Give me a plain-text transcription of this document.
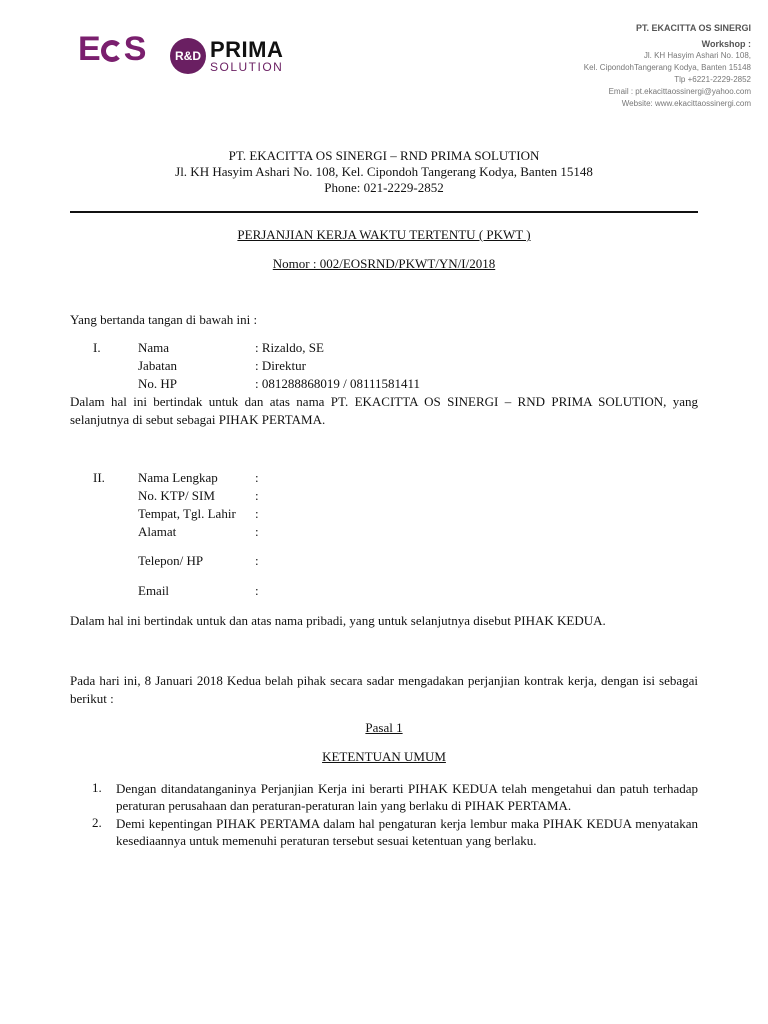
E S	R&D PRIMA
SOLUTION
PT. EKACITTA OS SINERGI
Workshop :
Jl. KH Hasyim Ashari No. 108,
Kel. CipondohTangerang Kodya, Banten 15148
Tlp +6221-2229-2852
Email : pt.ekacittaossinergi@yahoo.com
Website: www.ekacittaossinergi.com
PT. EKACITTA OS SINERGI – RND PRIMA SOLUTION
Jl. KH Hasyim Ashari No. 108, Kel. Cipondoh Tangerang Kodya, Banten 15148
Phone: 021-2229-2852
PERJANJIAN KERJA WAKTU TERTENTU ( PKWT )
Nomor : 002/EOSRND/PKWT/YN/I/2018
Yang bertanda tangan di bawah ini :
I.	Nama	: Rizaldo, SE
Jabatan	: Direktur
No. HP	: 081288868019 / 08111581411
Dalam hal ini bertindak untuk dan atas nama PT. EKACITTA OS SINERGI – RND PRIMA SOLUTION, yang selanjutnya di sebut sebagai PIHAK PERTAMA.
II.	Nama Lengkap	:
No. KTP/ SIM	:
Tempat, Tgl. Lahir :
Alamat	:
Telepon/ HP	:
Email	:
Dalam hal ini bertindak untuk dan atas nama pribadi, yang untuk selanjutnya disebut PIHAK KEDUA.
Pada hari ini, 8 Januari 2018 Kedua belah pihak secara sadar mengadakan perjanjian kontrak kerja, dengan isi sebagai berikut :
Pasal 1
KETENTUAN UMUM
1. Dengan ditandatanganinya Perjanjian Kerja ini berarti PIHAK KEDUA telah mengetahui dan patuh terhadap peraturan perusahaan dan peraturan-peraturan lain yang berlaku di PIHAK PERTAMA.
2. Demi kepentingan PIHAK PERTAMA dalam hal pengaturan kerja lembur maka PIHAK KEDUA menyatakan kesediaannya untuk memenuhi peraturan tersebut sesuai ketentuan yang berlaku.
